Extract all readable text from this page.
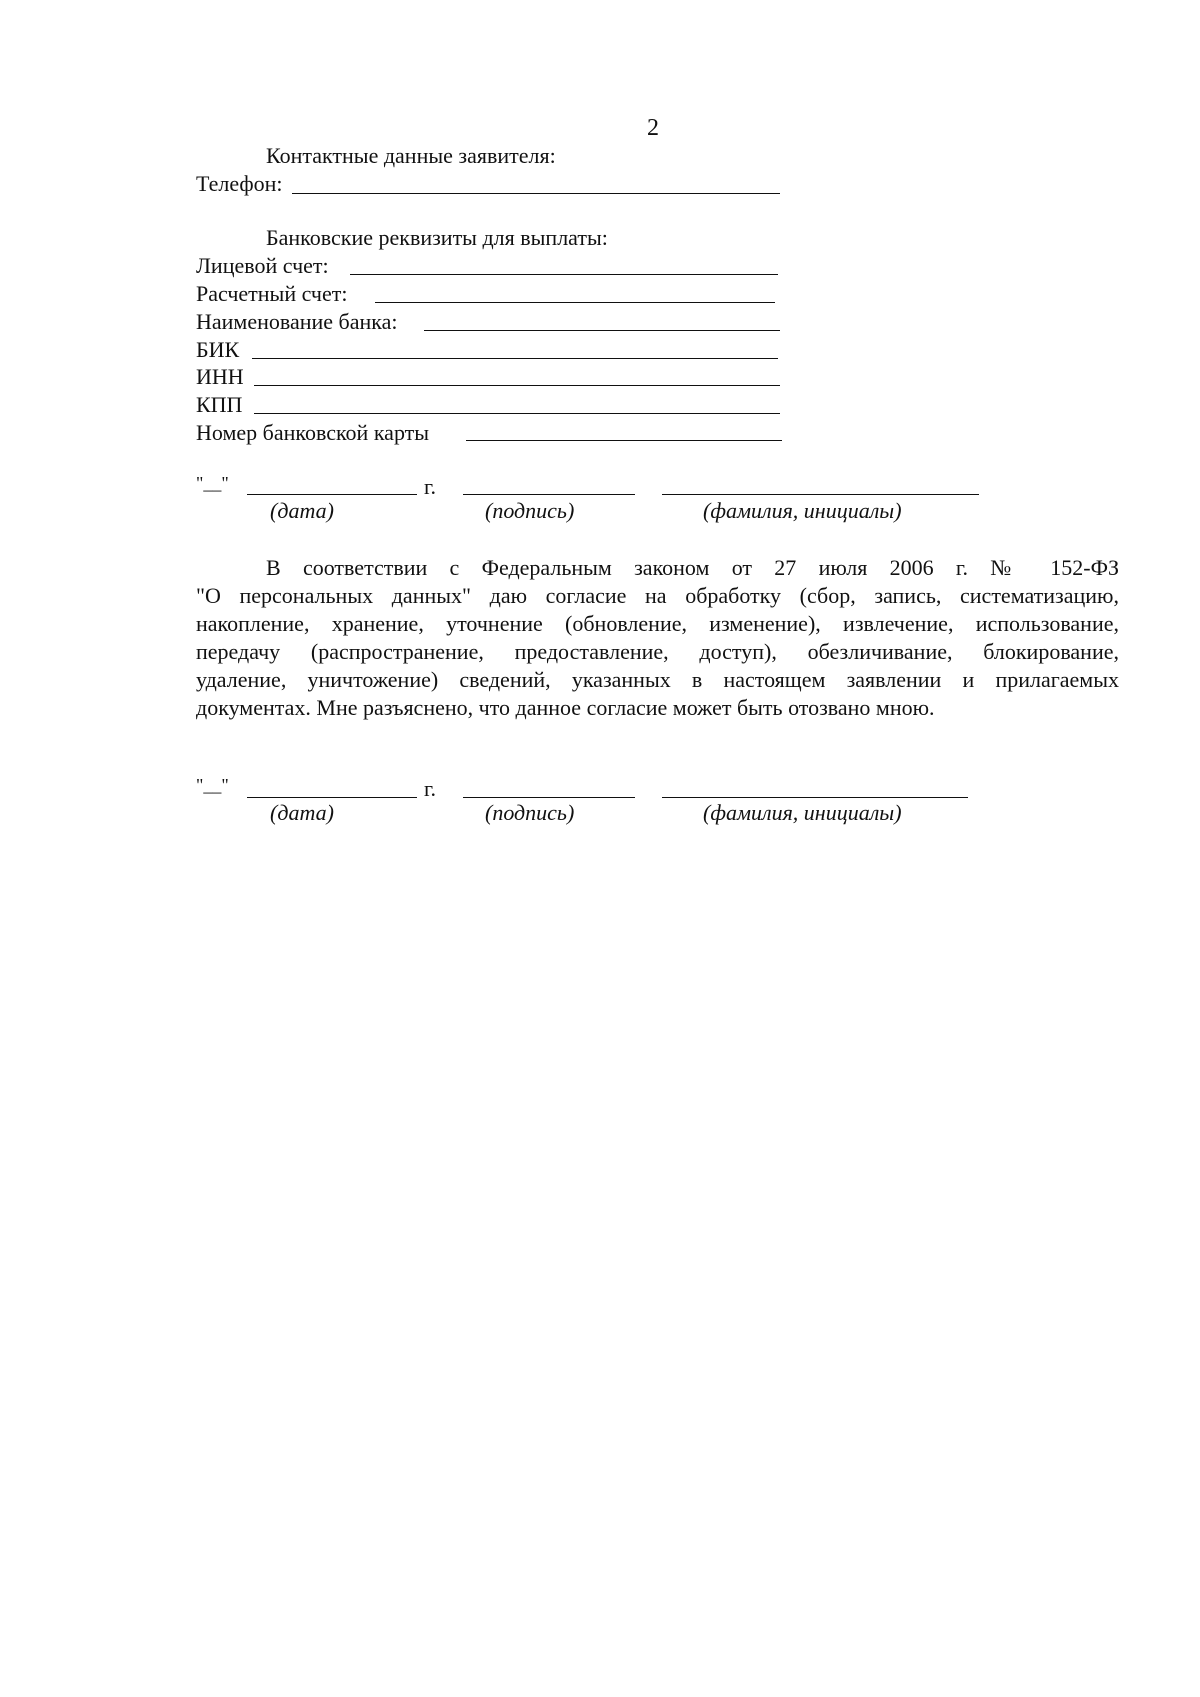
2
Контактные данные заявителя:
Телефон:
Банковские реквизиты для выплаты:
Лицевой счет:
Расчетный счет:
Наименование банка:
БИК
ИНН
КПП
Номер банковской карты
"__"	г.
(дата)	(подпись)	(фамилия, инициалы)
В соответствии с Федеральным законом от 27 июля 2006 г. № 152-ФЗ
"О персональных данных" даю согласие на обработку (сбор, запись, систематизацию,
накопление, хранение, уточнение (обновление, изменение), извлечение, использование,
передачу (распространение, предоставление, доступ), обезличивание, блокирование,
удаление, уничтожение) сведений, указанных в настоящем заявлении и прилагаемых
документах. Мне разъяснено, что данное согласие может быть отозвано мною.
"__"	г.
(дата)	(подпись)	(фамилия, инициалы)
